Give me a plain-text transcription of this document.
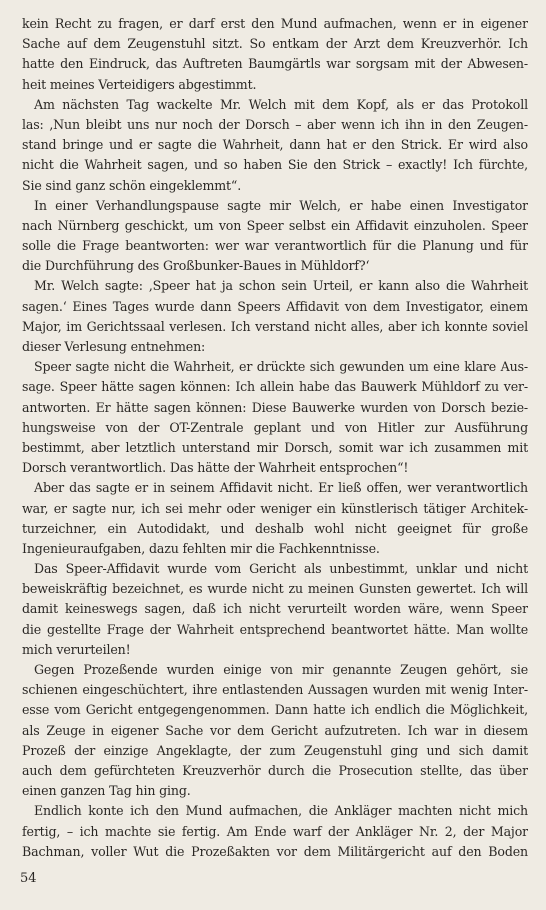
kein Recht zu fragen, er darf erst den Mund aufmachen, wenn er in eigener
Sache auf dem Zeugenstuhl sitzt. So entkam der Arzt dem Kreuzverhör. Ich
hatte den Eindruck, das Auftreten Baumgärtls war sorgsam mit der Abwesen-
heit meines Verteidigers abgestimmt.
Am nächsten Tag wackelte Mr. Welch mit dem Kopf, als er das Protokoll
las: ‚Nun bleibt uns nur noch der Dorsch – aber wenn ich ihn in den Zeugen-
stand bringe und er sagte die Wahrheit, dann hat er den Strick. Er wird also
nicht die Wahrheit sagen, und so haben Sie den Strick – exactly! Ich fürchte,
Sie sind ganz schön eingeklemmt“.
In einer Verhandlungspause sagte mir Welch, er habe einen Investigator
nach Nürnberg geschickt, um von Speer selbst ein Affidavit einzuholen. Speer
solle die Frage beantworten: wer war verantwortlich für die Planung und für
die Durchführung des Großbunker-Baues in Mühldorf?‘
Mr. Welch sagte: ‚Speer hat ja schon sein Urteil, er kann also die Wahrheit
sagen.‘ Eines Tages wurde dann Speers Affidavit von dem Investigator, einem
Major, im Gerichtssaal verlesen. Ich verstand nicht alles, aber ich konnte soviel
dieser Verlesung entnehmen:
Speer sagte nicht die Wahrheit, er drückte sich gewunden um eine klare Aus-
sage. Speer hätte sagen können: Ich allein habe das Bauwerk Mühldorf zu ver-
antworten. Er hätte sagen können: Diese Bauwerke wurden von Dorsch bezie-
hungsweise von der OT-Zentrale geplant und von Hitler zur Ausführung
bestimmt, aber letztlich unterstand mir Dorsch, somit war ich zusammen mit
Dorsch verantwortlich. Das hätte der Wahrheit entsprochen“!
Aber das sagte er in seinem Affidavit nicht. Er ließ offen, wer verantwortlich
war, er sagte nur, ich sei mehr oder weniger ein künstlerisch tätiger Architek-
turzeichner, ein Autodidakt, und deshalb wohl nicht geeignet für große
Ingenieuraufgaben, dazu fehlten mir die Fachkenntnisse.
Das Speer-Affidavit wurde vom Gericht als unbestimmt, unklar und nicht
beweiskräftig bezeichnet, es wurde nicht zu meinen Gunsten gewertet. Ich will
damit keineswegs sagen, daß ich nicht verurteilt worden wäre, wenn Speer
die gestellte Frage der Wahrheit entsprechend beantwortet hätte. Man wollte
mich verurteilen!
Gegen Prozeßende wurden einige von mir genannte Zeugen gehört, sie
schienen eingeschüchtert, ihre entlastenden Aussagen wurden mit wenig Inter-
esse vom Gericht entgegengenommen. Dann hatte ich endlich die Möglichkeit,
als Zeuge in eigener Sache vor dem Gericht aufzutreten. Ich war in diesem
Prozeß der einzige Angeklagte, der zum Zeugenstuhl ging und sich damit
auch dem gefürchteten Kreuzverhör durch die Prosecution stellte, das über
einen ganzen Tag hin ging.
Endlich konte ich den Mund aufmachen, die Ankläger machten nicht mich
fertig, – ich machte sie fertig. Am Ende warf der Ankläger Nr. 2, der Major
Bachman, voller Wut die Prozeßakten vor dem Militärgericht auf den Boden
54
